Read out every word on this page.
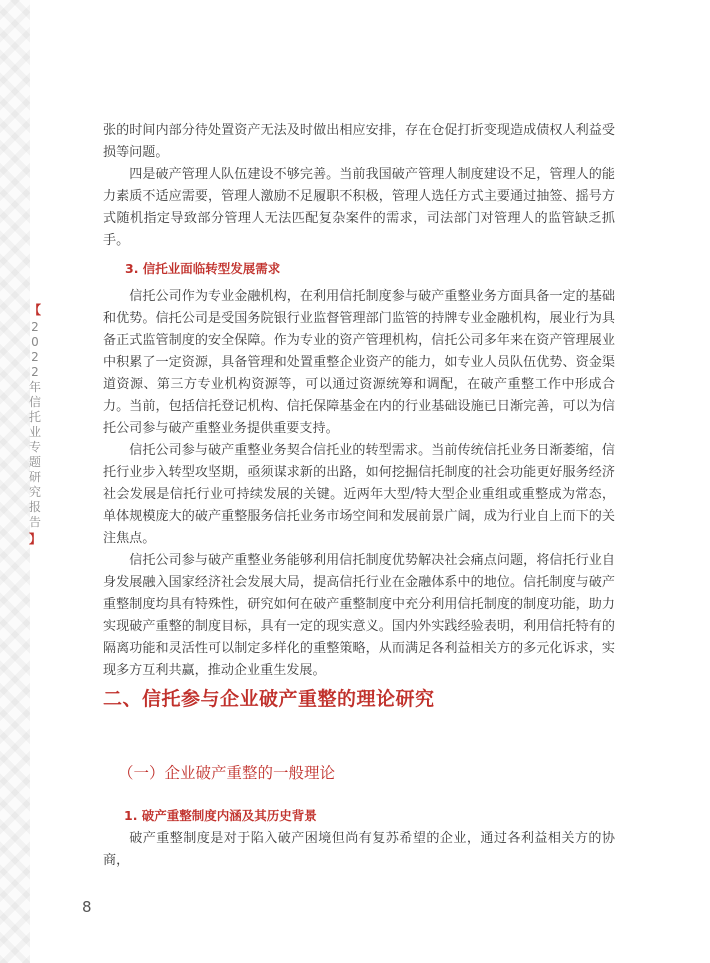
【
2022年信托业专题研究报告
】

张的时间内部分待处置资产无法及时做出相应安排，存在仓促打折变现造成债权人利益受损等问题。

四是破产管理人队伍建设不够完善。当前我国破产管理人制度建设不足，管理人的能力素质不适应需要，管理人激励不足履职不积极，管理人选任方式主要通过抽签、摇号方式随机指定导致部分管理人无法匹配复杂案件的需求，司法部门对管理人的监管缺乏抓手。

3. 信托业面临转型发展需求

信托公司作为专业金融机构，在利用信托制度参与破产重整业务方面具备一定的基础和优势。信托公司是受国务院银行业监督管理部门监管的持牌专业金融机构，展业行为具备正式监管制度的安全保障。作为专业的资产管理机构，信托公司多年来在资产管理展业中积累了一定资源，具备管理和处置重整企业资产的能力，如专业人员队伍优势、资金渠道资源、第三方专业机构资源等，可以通过资源统筹和调配，在破产重整工作中形成合力。当前，包括信托登记机构、信托保障基金在内的行业基础设施已日渐完善，可以为信托公司参与破产重整业务提供重要支持。

信托公司参与破产重整业务契合信托业的转型需求。当前传统信托业务日渐萎缩，信托行业步入转型攻坚期，亟须谋求新的出路，如何挖掘信托制度的社会功能更好服务经济社会发展是信托行业可持续发展的关键。近两年大型/特大型企业重组或重整成为常态，单体规模庞大的破产重整服务信托业务市场空间和发展前景广阔，成为行业自上而下的关注焦点。

信托公司参与破产重整业务能够利用信托制度优势解决社会痛点问题，将信托行业自身发展融入国家经济社会发展大局，提高信托行业在金融体系中的地位。信托制度与破产重整制度均具有特殊性，研究如何在破产重整制度中充分利用信托制度的制度功能，助力实现破产重整的制度目标，具有一定的现实意义。国内外实践经验表明，利用信托特有的隔离功能和灵活性可以制定多样化的重整策略，从而满足各利益相关方的多元化诉求，实现多方互利共赢，推动企业重生发展。

二、信托参与企业破产重整的理论研究
（一）企业破产重整的一般理论
1. 破产重整制度内涵及其历史背景

破产重整制度是对于陷入破产困境但尚有复苏希望的企业，通过各利益相关方的协商，

8
